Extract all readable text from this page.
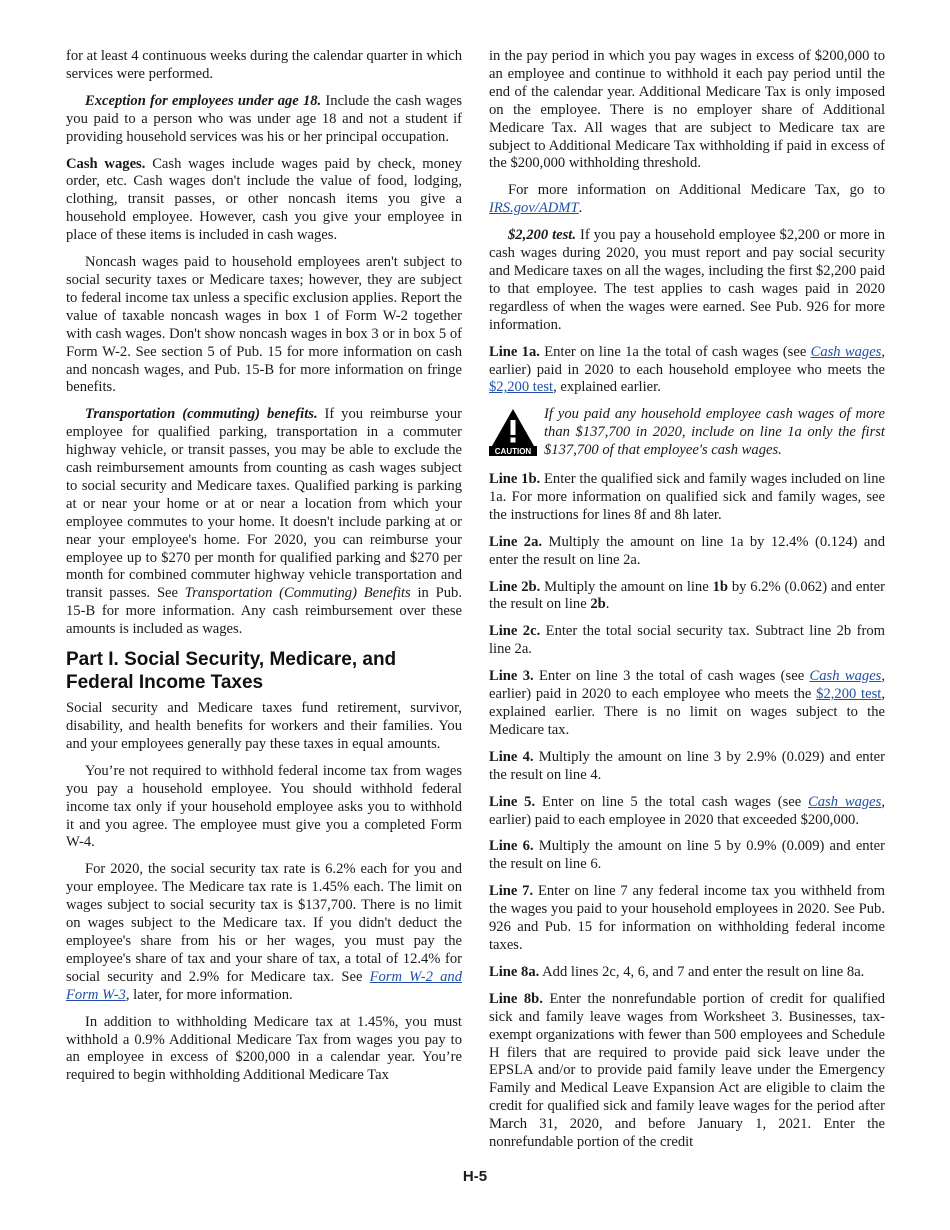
for at least 4 continuous weeks during the calendar quarter in which services were performed.

Exception for employees under age 18. Include the cash wages you paid to a person who was under age 18 and not a student if providing household services was his or her principal occupation.

Cash wages. Cash wages include wages paid by check, money order, etc. Cash wages don't include the value of food, lodging, clothing, transit passes, or other noncash items you give a household employee. However, cash you give your employee in place of these items is included in cash wages.

Noncash wages paid to household employees aren't subject to social security taxes or Medicare taxes; however, they are subject to federal income tax unless a specific exclusion applies. Report the value of taxable noncash wages in box 1 of Form W-2 together with cash wages. Don't show noncash wages in box 3 or in box 5 of Form W-2. See section 5 of Pub. 15 for more information on cash and noncash wages, and Pub. 15-B for more information on fringe benefits.

Transportation (commuting) benefits. If you reimburse your employee for qualified parking, transportation in a commuter highway vehicle, or transit passes, you may be able to exclude the cash reimbursement amounts from counting as cash wages subject to social security and Medicare taxes. Qualified parking is parking at or near your home or at or near a location from which your employee commutes to your home. It doesn't include parking at or near your employee's home. For 2020, you can reimburse your employee up to $270 per month for qualified parking and $270 per month for combined commuter highway vehicle transportation and transit passes. See Transportation (Commuting) Benefits in Pub. 15-B for more information. Any cash reimbursement over these amounts is included as wages.

Part I. Social Security, Medicare, and
Federal Income Taxes

Social security and Medicare taxes fund retirement, survivor, disability, and health benefits for workers and their families. You and your employees generally pay these taxes in equal amounts.

You’re not required to withhold federal income tax from wages you pay a household employee. You should withhold federal income tax only if your household employee asks you to withhold it and you agree. The employee must give you a completed Form W-4.

For 2020, the social security tax rate is 6.2% each for you and your employee. The Medicare tax rate is 1.45% each. The limit on wages subject to social security tax is $137,700. There is no limit on wages subject to the Medicare tax. If you didn't deduct the employee's share from his or her wages, you must pay the employee's share of tax and your share of tax, a total of 12.4% for social security and 2.9% for Medicare tax. See Form W-2 and Form W-3, later, for more information.

In addition to withholding Medicare tax at 1.45%, you must withhold a 0.9% Additional Medicare Tax from wages you pay to an employee in excess of $200,000 in a calendar year. You’re required to begin withholding Additional Medicare Tax

in the pay period in which you pay wages in excess of $200,000 to an employee and continue to withhold it each pay period until the end of the calendar year. Additional Medicare Tax is only imposed on the employee. There is no employer share of Additional Medicare Tax. All wages that are subject to Medicare tax are subject to Additional Medicare Tax withholding if paid in excess of the $200,000 withholding threshold.

For more information on Additional Medicare Tax, go to IRS.gov/ADMT.

$2,200 test. If you pay a household employee $2,200 or more in cash wages during 2020, you must report and pay social security and Medicare taxes on all the wages, including the first $2,200 paid to that employee. The test applies to cash wages paid in 2020 regardless of when the wages were earned. See Pub. 926 for more information.

Line 1a. Enter on line 1a the total of cash wages (see Cash wages, earlier) paid in 2020 to each household employee who meets the $2,200 test, explained earlier.

CAUTION
If you paid any household employee cash wages of more than $137,700 in 2020, include on line 1a only the first $137,700 of that employee's cash wages.

Line 1b. Enter the qualified sick and family wages included on line 1a. For more information on qualified sick and family wages, see the instructions for lines 8f and 8h later.

Line 2a. Multiply the amount on line 1a by 12.4% (0.124) and enter the result on line 2a.

Line 2b. Multiply the amount on line 1b by 6.2% (0.062) and enter the result on line 2b.

Line 2c. Enter the total social security tax. Subtract line 2b from line 2a.

Line 3. Enter on line 3 the total of cash wages (see Cash wages, earlier) paid in 2020 to each employee who meets the $2,200 test, explained earlier. There is no limit on wages subject to the Medicare tax.

Line 4. Multiply the amount on line 3 by 2.9% (0.029) and enter the result on line 4.

Line 5. Enter on line 5 the total cash wages (see Cash wages, earlier) paid to each employee in 2020 that exceeded $200,000.

Line 6. Multiply the amount on line 5 by 0.9% (0.009) and enter the result on line 6.

Line 7. Enter on line 7 any federal income tax you withheld from the wages you paid to your household employees in 2020. See Pub. 926 and Pub. 15 for information on withholding federal income taxes.

Line 8a. Add lines 2c, 4, 6, and 7 and enter the result on line 8a.

Line 8b. Enter the nonrefundable portion of credit for qualified sick and family leave wages from Worksheet 3. Businesses, tax-exempt organizations with fewer than 500 employees and Schedule H filers that are required to provide paid sick leave under the EPSLA and/or to provide paid family leave under the Emergency Family and Medical Leave Expansion Act are eligible to claim the credit for qualified sick and family leave wages for the period after March 31, 2020, and before January 1, 2021. Enter the nonrefundable portion of the credit

H-5
